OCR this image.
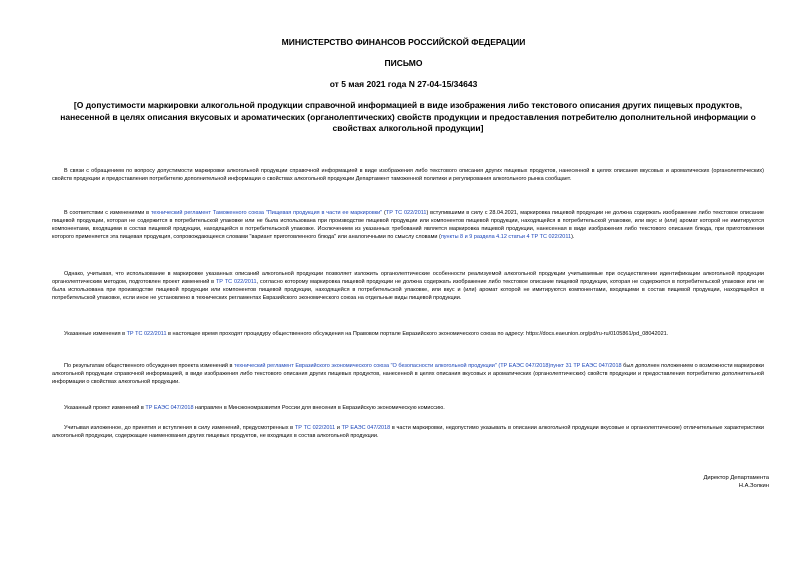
МИНИСТЕРСТВО ФИНАНСОВ РОССИЙСКОЙ ФЕДЕРАЦИИ
ПИСЬМО
от 5 мая 2021 года N 27-04-15/34643
[О допустимости маркировки алкогольной продукции справочной информацией в виде изображения либо текстового описания других пищевых продуктов, нанесенной в целях описания вкусовых и ароматических (органолептических) свойств продукции и предоставления потребителю дополнительной информации о свойствах алкогольной продукции]
В связи с обращением по вопросу допустимости маркировки алкогольной продукции справочной информацией в виде изображения либо текстового описания других пищевых продуктов, нанесенной в целях описания вкусовых и ароматических (органолептических) свойств продукции и предоставления потребителю дополнительной информации о свойствах алкогольной продукции Департамент таможенной политики и регулирования алкогольного рынка сообщает.
В соответствии с изменениями в технический регламент Таможенного союза "Пищевая продукция в части ее маркировки" (ТР ТС 022/2011) вступившими в силу с 28.04.2021, маркировка пищевой продукции не должна содержать изображение либо текстовое описание пищевой продукции, которая не содержится в потребительской упаковке или не была использована при производстве пищевой продукции или компонентов пищевой продукции, находящейся в потребительской упаковке, или вкус и (или) аромат которой не имитируются компонентами, входящими в состав пищевой продукции, находящейся в потребительской упаковке. Исключением из указанных требований является маркировка пищевой продукции, нанесенная в виде изображения либо текстового описания блюда, при приготовлении которого применяется эта пищевая продукция, сопровождающееся словами "вариант приготовленного блюда" или аналогичными по смыслу словами (пункты 8 и 9 раздела 4.12 статьи 4 ТР ТС 022/2011).
Однако, учитывая, что использование в маркировке указанных описаний алкогольной продукции позволяет изложить органолептические особенности реализуемой алкогольной продукции учитываемые при осуществлении идентификации алкогольной продукции органолептическим методом, подготовлен проект изменений в ТР ТС 022/2011, согласно которому маркировка пищевой продукции не должна содержать изображение либо текстовое описание пищевой продукции, которая не содержится в потребительской упаковке или не была использована при производстве пищевой продукции или компонентов пищевой продукции, находящейся в потребительской упаковке, или вкус и (или) аромат которой не имитируются компонентами, входящими в состав пищевой продукции, находящейся в потребительской упаковке, если иное не установлено в технических регламентах Евразийского экономического союза на отдельные виды пищевой продукции.
Указанные изменения в ТР ТС 022/2011 в настоящее время проходят процедуру общественного обсуждения на Правовом портале Евразийского экономического союза по адресу: https://docs.eaeunion.org/pd/ru-ru/0105861/pd_08042021.
По результатам общественного обсуждения проекта изменений в технический регламент Евразийского экономического союза "О безопасности алкогольной продукции" (ТР ЕАЭС 047/2018)пункт 31 ТР ЕАЭС 047/2018 был дополнен положением о возможности маркировки алкогольной продукции справочной информацией, в виде изображения либо текстового описания других пищевых продуктов, нанесенной в целях описания вкусовых и ароматических (органолептических) свойств продукции и предоставления потребителю дополнительной информации о свойствах алкогольной продукции.
Указанный проект изменений в ТР ЕАЭС 047/2018 направлен в Минэкономразвития России для внесения в Евразийскую экономическую комиссию.
Учитывая изложенное, до принятия и вступления в силу изменений, предусмотренных в ТР ТС 022/2011 и ТР ЕАЭС 047/2018 в части маркировки, недопустимо указывать в описании алкогольной продукции вкусовые и органолептические) отличительные характеристики алкогольной продукции, содержащие наименования других пищевых продуктов, не входящих в состав алкогольной продукции.
Директор Департамента
Н.А.Золкин
